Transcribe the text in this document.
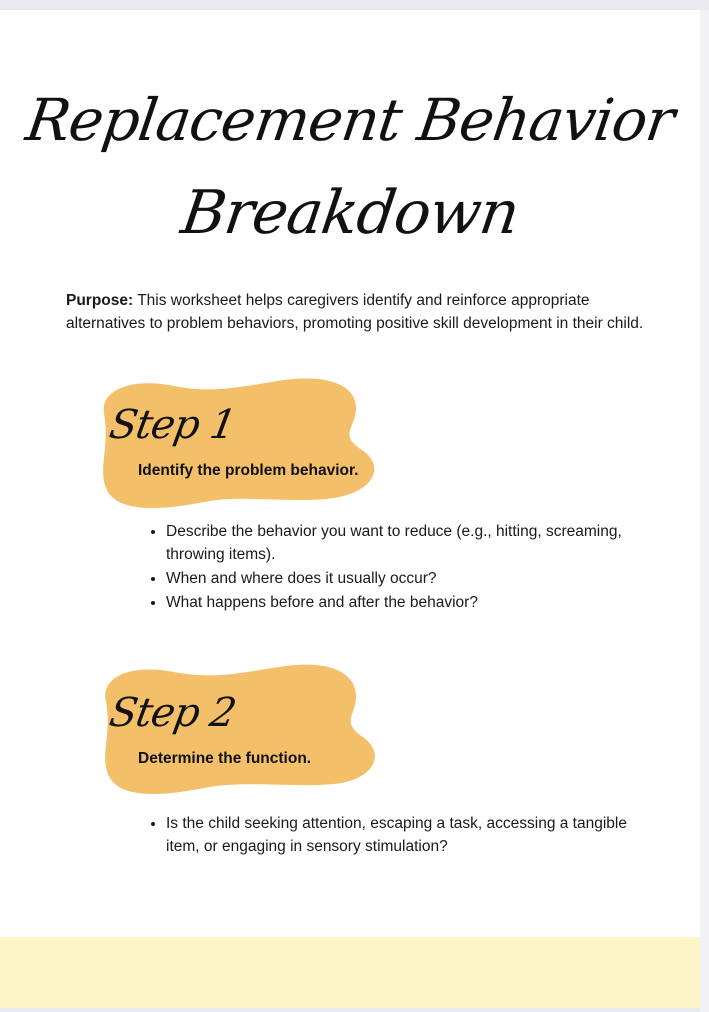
Replacement Behavior
Breakdown

Purpose: This worksheet helps caregivers identify and reinforce appropriate alternatives to problem behaviors, promoting positive skill development in their child.

Step 1

Identify the problem behavior.

• Describe the behavior you want to reduce (e.g., hitting, screaming, throwing items).
• When and where does it usually occur?
• What happens before and after the behavior?
Step 2

Determine the function.

• Is the child seeking attention, escaping a task, accessing a tangible item, or engaging in sensory stimulation?
